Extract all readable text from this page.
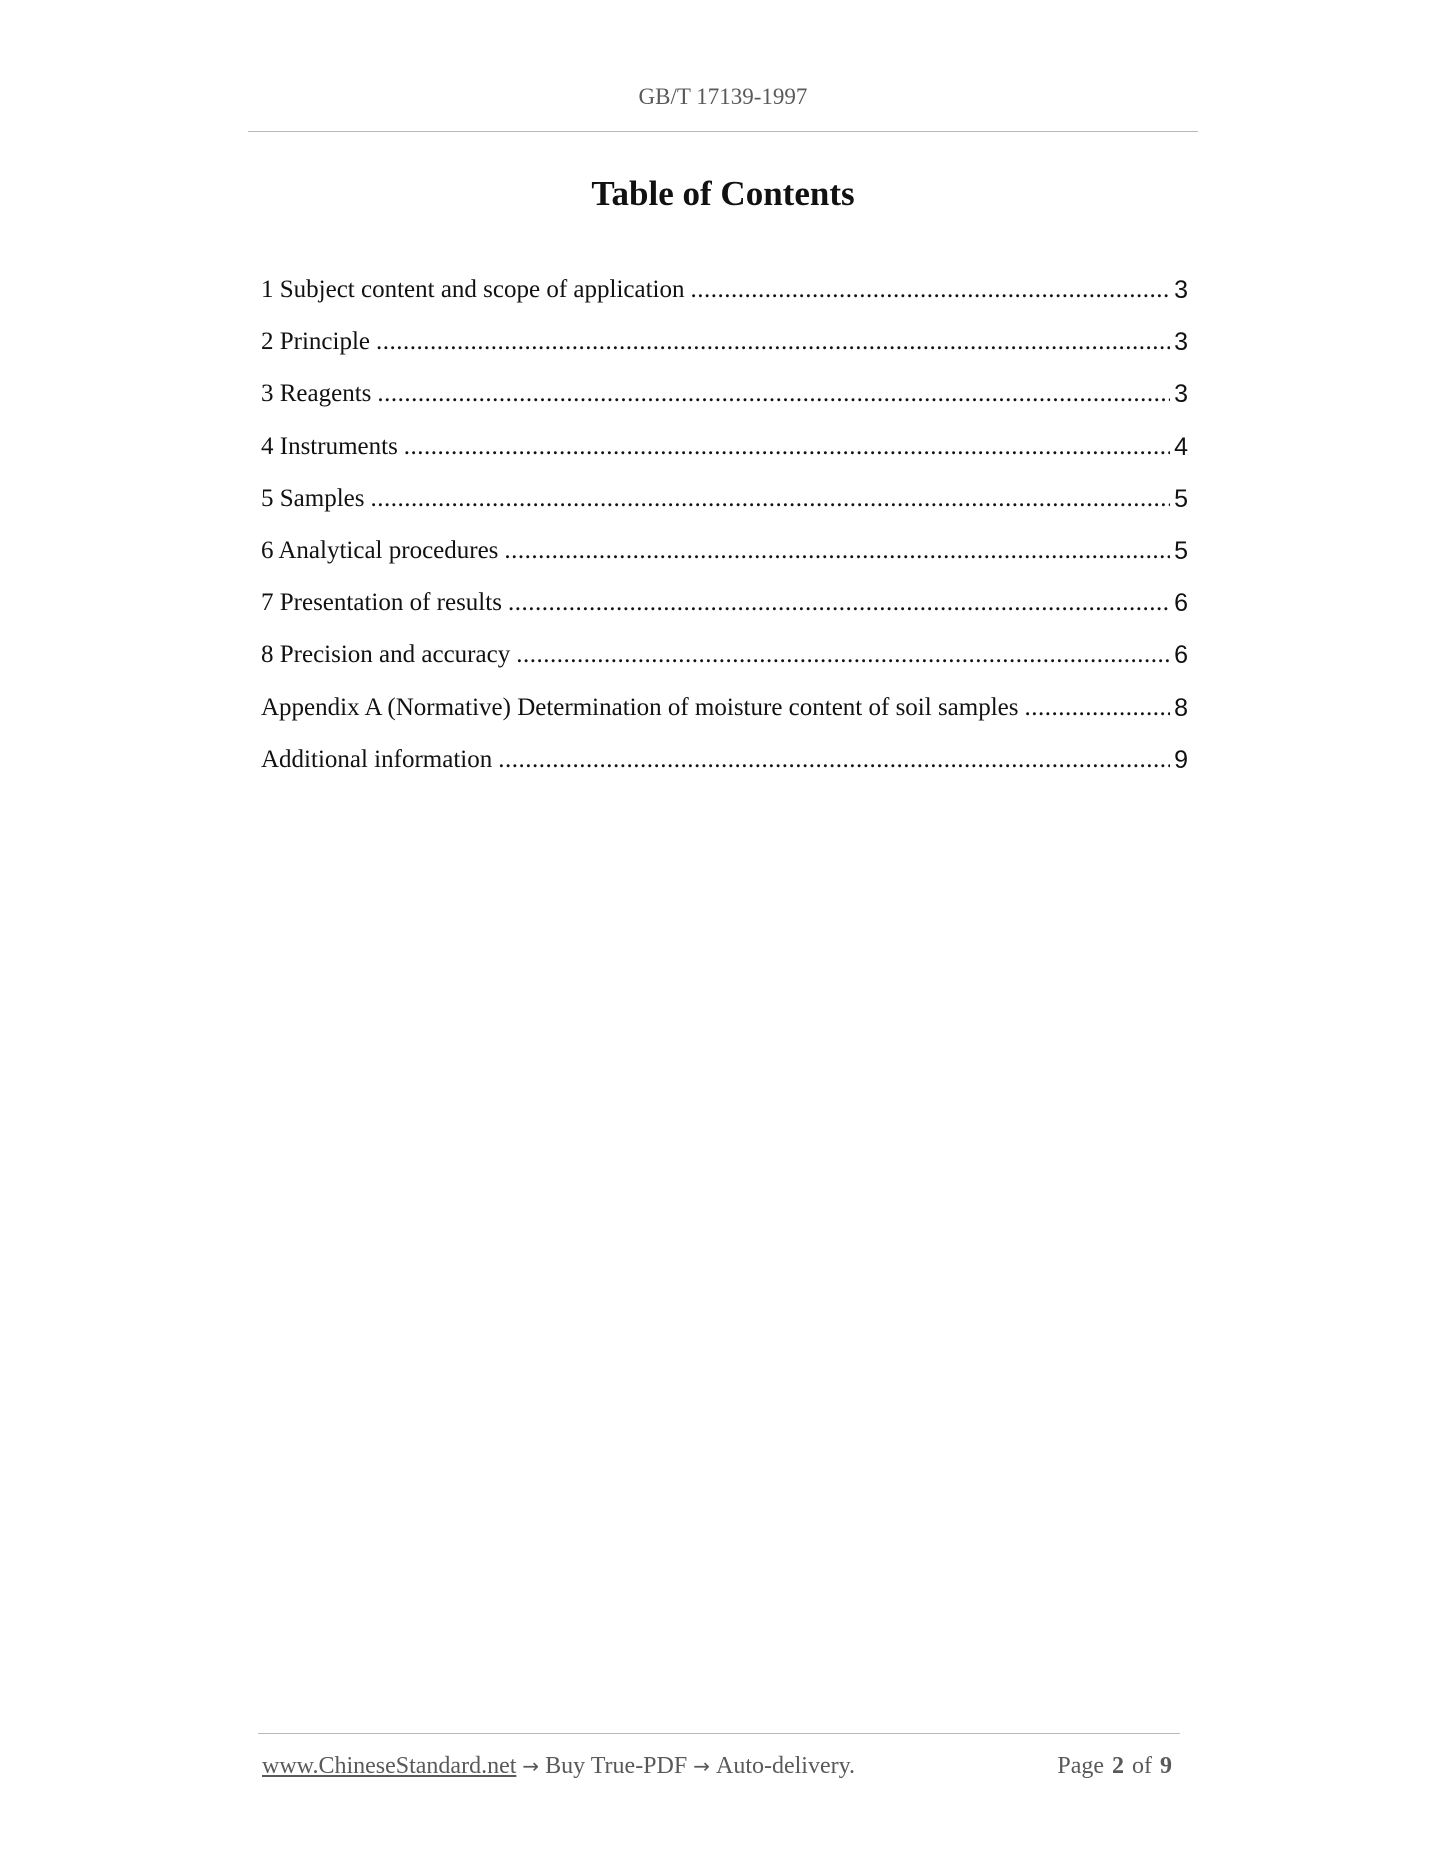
GB/T 17139-1997
Table of Contents
1 Subject content and scope of application .....	3
2 Principle .....	3
3 Reagents .....	3
4 Instruments .....	4
5 Samples .....	5
6 Analytical procedures .....	5
7 Presentation of results .....	6
8 Precision and accuracy .....	6
Appendix A (Normative) Determination of moisture content of soil samples .....	8
Additional information .....	9
www.ChineseStandard.net → Buy True-PDF → Auto-delivery.	Page 2 of 9
